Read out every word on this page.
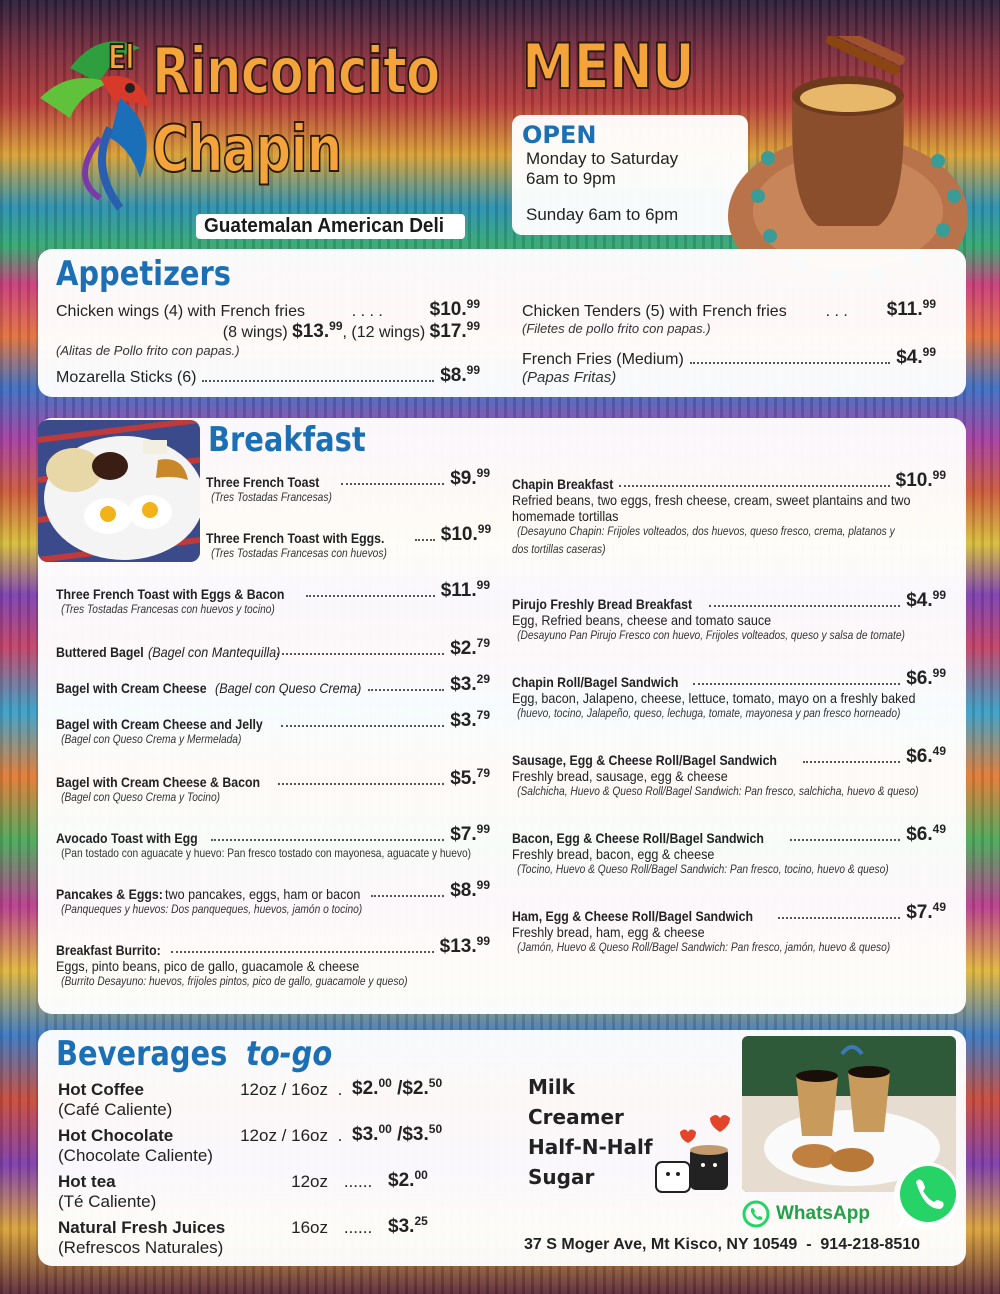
El Rinconcito
Chapin
Guatemalan American Deli
MENU
OPEN
Monday to Saturday
6am to 9pm
Sunday 6am to 6pm
Appetizers
Chicken wings (4) with French fries	. . . .	$10.99
(8 wings) $13.99, (12 wings) $17.99
(Alitas de Pollo frito con papas.)
Mozarella Sticks (6)	$8.99
Chicken Tenders (5) with French fries	. . .	$11.99
(Filetes de pollo frito con papas.)
French Fries (Medium)	$4.99
(Papas Fritas)
Breakfast
Three French Toast	$9.99
(Tres Tostadas Francesas)
Three French Toast with Eggs.	$10.99
(Tres Tostadas Francesas con huevos)
Three French Toast with Eggs & Bacon	$11.99
(Tres Tostadas Francesas con huevos y tocino)
Buttered Bagel (Bagel con Mantequilla)	$2.79
Bagel with Cream Cheese (Bagel con Queso Crema)	$3.29
Bagel with Cream Cheese and Jelly	$3.79
(Bagel con Queso Crema y Mermelada)
Bagel with Cream Cheese & Bacon	$5.79
(Bagel con Queso Crema y Tocino)
Avocado Toast with Egg	$7.99
(Pan tostado con aguacate y huevo: Pan fresco tostado con mayonesa, aguacate y huevo)
Pancakes & Eggs: two pancakes, eggs, ham or bacon	$8.99
(Panqueques y huevos: Dos panqueques, huevos, jamón o tocino)
Breakfast Burrito:	$13.99
Eggs, pinto beans, pico de gallo, guacamole & cheese
(Burrito Desayuno: huevos, frijoles pintos, pico de gallo, guacamole y queso)
Chapin Breakfast	$10.99
Refried beans, two eggs, fresh cheese, cream, sweet plantains and two
homemade tortillas
(Desayuno Chapin: Frijoles volteados, dos huevos, queso fresco, crema, platanos y
dos tortillas caseras)
Pirujo Freshly Bread Breakfast	$4.99
Egg, Refried beans, cheese and tomato sauce
(Desayuno Pan Pirujo Fresco con huevo, Frijoles volteados, queso y salsa de tomate)
Chapin Roll/Bagel Sandwich	$6.99
Egg, bacon, Jalapeno, cheese, lettuce, tomato, mayo on a freshly baked
(huevo, tocino, Jalapeño, queso, lechuga, tomate, mayonesa y pan fresco horneado)
Sausage, Egg & Cheese Roll/Bagel Sandwich	$6.49
Freshly bread, sausage, egg & cheese
(Salchicha, Huevo & Queso Roll/Bagel Sandwich: Pan fresco, salchicha, huevo & queso)
Bacon, Egg & Cheese Roll/Bagel Sandwich	$6.49
Freshly bread, bacon, egg & cheese
(Tocino, Huevo & Queso Roll/Bagel Sandwich: Pan fresco, tocino, huevo & queso)
Ham, Egg & Cheese Roll/Bagel Sandwich	$7.49
Freshly bread, ham, egg & cheese
(Jamón, Huevo & Queso Roll/Bagel Sandwich: Pan fresco, jamón, huevo & queso)
Beverages to-go
Hot Coffee	12oz / 16oz . $2.00 /$2.50
(Café Caliente)
Hot Chocolate	12oz / 16oz . $3.00 /$3.50
(Chocolate Caliente)
Hot tea	12oz ...... $2.00
(Té Caliente)
Natural Fresh Juices	16oz ...... $3.25
(Refrescos Naturales)
Milk
Creamer
Half-N-Half
Sugar
WhatsApp
37 S Moger Ave, Mt Kisco, NY 10549  -  914-218-8510
